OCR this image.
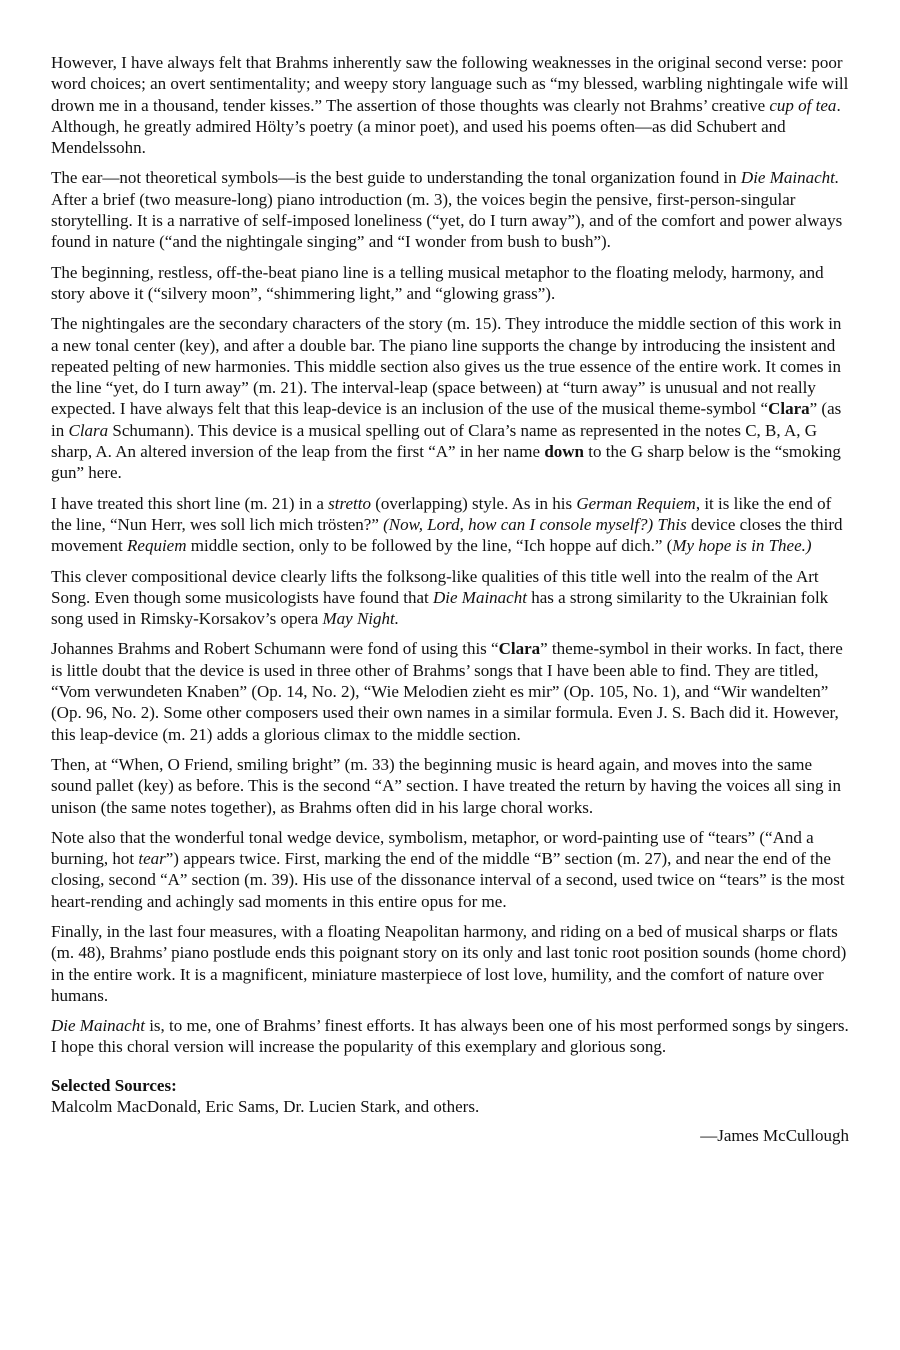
However, I have always felt that Brahms inherently saw the following weaknesses in the original second verse: poor word choices; an overt sentimentality; and weepy story language such as “my blessed, warbling nightingale wife will drown me in a thousand, tender kisses.” The assertion of those thoughts was clearly not Brahms’ creative cup of tea. Although, he greatly admired Hölty’s poetry (a minor poet), and used his poems often—as did Schubert and Mendelssohn.

The ear—not theoretical symbols—is the best guide to understanding the tonal organization found in Die Mainacht. After a brief (two measure-long) piano introduction (m. 3), the voices begin the pensive, first-person-singular storytelling. It is a narrative of self-imposed loneliness (“yet, do I turn away”), and of the comfort and power always found in nature (“and the nightingale singing” and “I wonder from bush to bush”).

The beginning, restless, off-the-beat piano line is a telling musical metaphor to the floating melody, harmony, and story above it (“silvery moon”, “shimmering light,” and “glowing grass”).

The nightingales are the secondary characters of the story (m. 15). They introduce the middle section of this work in a new tonal center (key), and after a double bar. The piano line supports the change by introducing the insistent and repeated pelting of new harmonies. This middle section also gives us the true essence of the entire work. It comes in the line “yet, do I turn away” (m. 21). The interval-leap (space between) at “turn away” is unusual and not really expected. I have always felt that this leap-device is an inclusion of the use of the musical theme-symbol “Clara” (as in Clara Schumann). This device is a musical spelling out of Clara’s name as represented in the notes C, B, A, G sharp, A. An altered inversion of the leap from the first “A” in her name down to the G sharp below is the “smoking gun” here.

I have treated this short line (m. 21) in a stretto (overlapping) style. As in his German Requiem, it is like the end of the line, “Nun Herr, wes soll lich mich trösten?” (Now, Lord, how can I console myself?) This device closes the third movement Requiem middle section, only to be followed by the line, “Ich hoppe auf dich.” (My hope is in Thee.)

This clever compositional device clearly lifts the folksong-like qualities of this title well into the realm of the Art Song. Even though some musicologists have found that Die Mainacht has a strong similarity to the Ukrainian folk song used in Rimsky-Korsakov’s opera May Night.

Johannes Brahms and Robert Schumann were fond of using this “Clara” theme-symbol in their works. In fact, there is little doubt that the device is used in three other of Brahms’ songs that I have been able to find. They are titled, “Vom verwundeten Knaben” (Op. 14, No. 2), “Wie Melodien zieht es mir” (Op. 105, No. 1), and “Wir wandelten” (Op. 96, No. 2). Some other composers used their own names in a similar formula. Even J. S. Bach did it. However, this leap-device (m. 21) adds a glorious climax to the middle section.

Then, at “When, O Friend, smiling bright” (m. 33) the beginning music is heard again, and moves into the same sound pallet (key) as before. This is the second “A” section. I have treated the return by having the voices all sing in unison (the same notes together), as Brahms often did in his large choral works.

Note also that the wonderful tonal wedge device, symbolism, metaphor, or word-painting use of “tears” (“And a burning, hot tear”) appears twice. First, marking the end of the middle “B” section (m. 27), and near the end of the closing, second “A” section (m. 39). His use of the dissonance interval of a second, used twice on “tears” is the most heart-rending and achingly sad moments in this entire opus for me.

Finally, in the last four measures, with a floating Neapolitan harmony, and riding on a bed of musical sharps or flats (m. 48), Brahms’ piano postlude ends this poignant story on its only and last tonic root position sounds (home chord) in the entire work. It is a magnificent, miniature masterpiece of lost love, humility, and the comfort of nature over humans.

Die Mainacht is, to me, one of Brahms’ finest efforts. It has always been one of his most performed songs by singers. I hope this choral version will increase the popularity of this exemplary and glorious song.

Selected Sources:
Malcolm MacDonald, Eric Sams, Dr. Lucien Stark, and others.
—James McCullough
